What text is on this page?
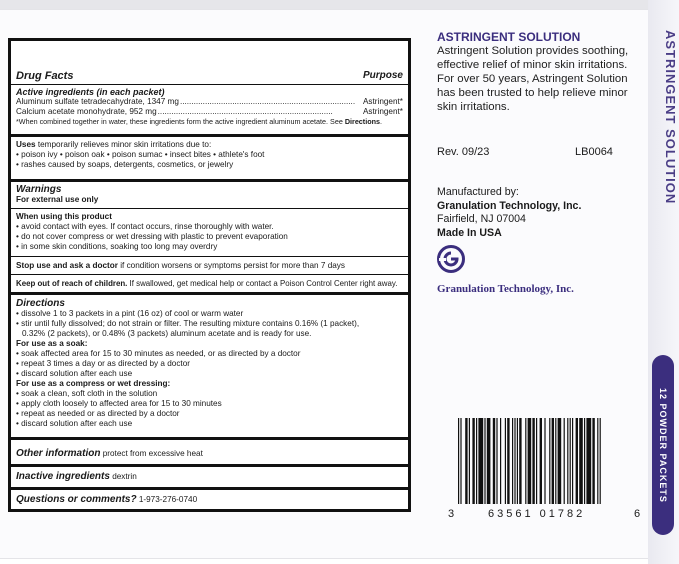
ASTRINGENT SOLUTION
12 POWDER PACKETS
Drug Facts	Purpose
Active ingredients (in each packet)
Aluminum sulfate tetradecahydrate, 1347 mg ............................................................................. Astringent*
Calcium acetate monohydrate, 952 mg .............................................................................	Astringent*
*When combined together in water, these ingredients form the active ingredient aluminum acetate. See Directions.
Uses temporarily relieves minor skin irritations due to:
• poison ivy • poison oak • poison sumac • insect bites • athlete's foot
• rashes caused by soaps, detergents, cosmetics, or jewelry
Warnings
For external use only
When using this product
• avoid contact with eyes. If contact occurs, rinse thoroughly with water.
• do not cover compress or wet dressing with plastic to prevent evaporation
• in some skin conditions, soaking too long may overdry
Stop use and ask a doctor if condition worsens or symptoms persist for more than 7 days
Keep out of reach of children. If swallowed, get medical help or contact a Poison Control Center right away.
Directions
• dissolve 1 to 3 packets in a pint (16 oz) of cool or warm water
• stir until fully dissolved; do not strain or filter. The resulting mixture contains 0.16% (1 packet),
0.32% (2 packets), or 0.48% (3 packets) aluminum acetate and is ready for use.
For use as a soak:
• soak affected area for 15 to 30 minutes as needed, or as directed by a doctor
• repeat 3 times a day or as directed by a doctor
• discard solution after each use
For use as a compress or wet dressing:
• soak a clean, soft cloth in the solution
• apply cloth loosely to affected area for 15 to 30 minutes
• repeat as needed or as directed by a doctor
• discard solution after each use
Other information protect from excessive heat
Inactive ingredients dextrin
Questions or comments? 1-973-276-0740
ASTRINGENT SOLUTION
Astringent Solution provides soothing, effective relief of minor skin irritations. For over 50 years, Astringent Solution has been trusted to help relieve minor skin irritations.
Rev. 09/23	LB0064
Manufactured by:
Granulation Technology, Inc.
Fairfield, NJ 07004
Made In USA
Granulation Technology, Inc.
3	63561 01782	6
